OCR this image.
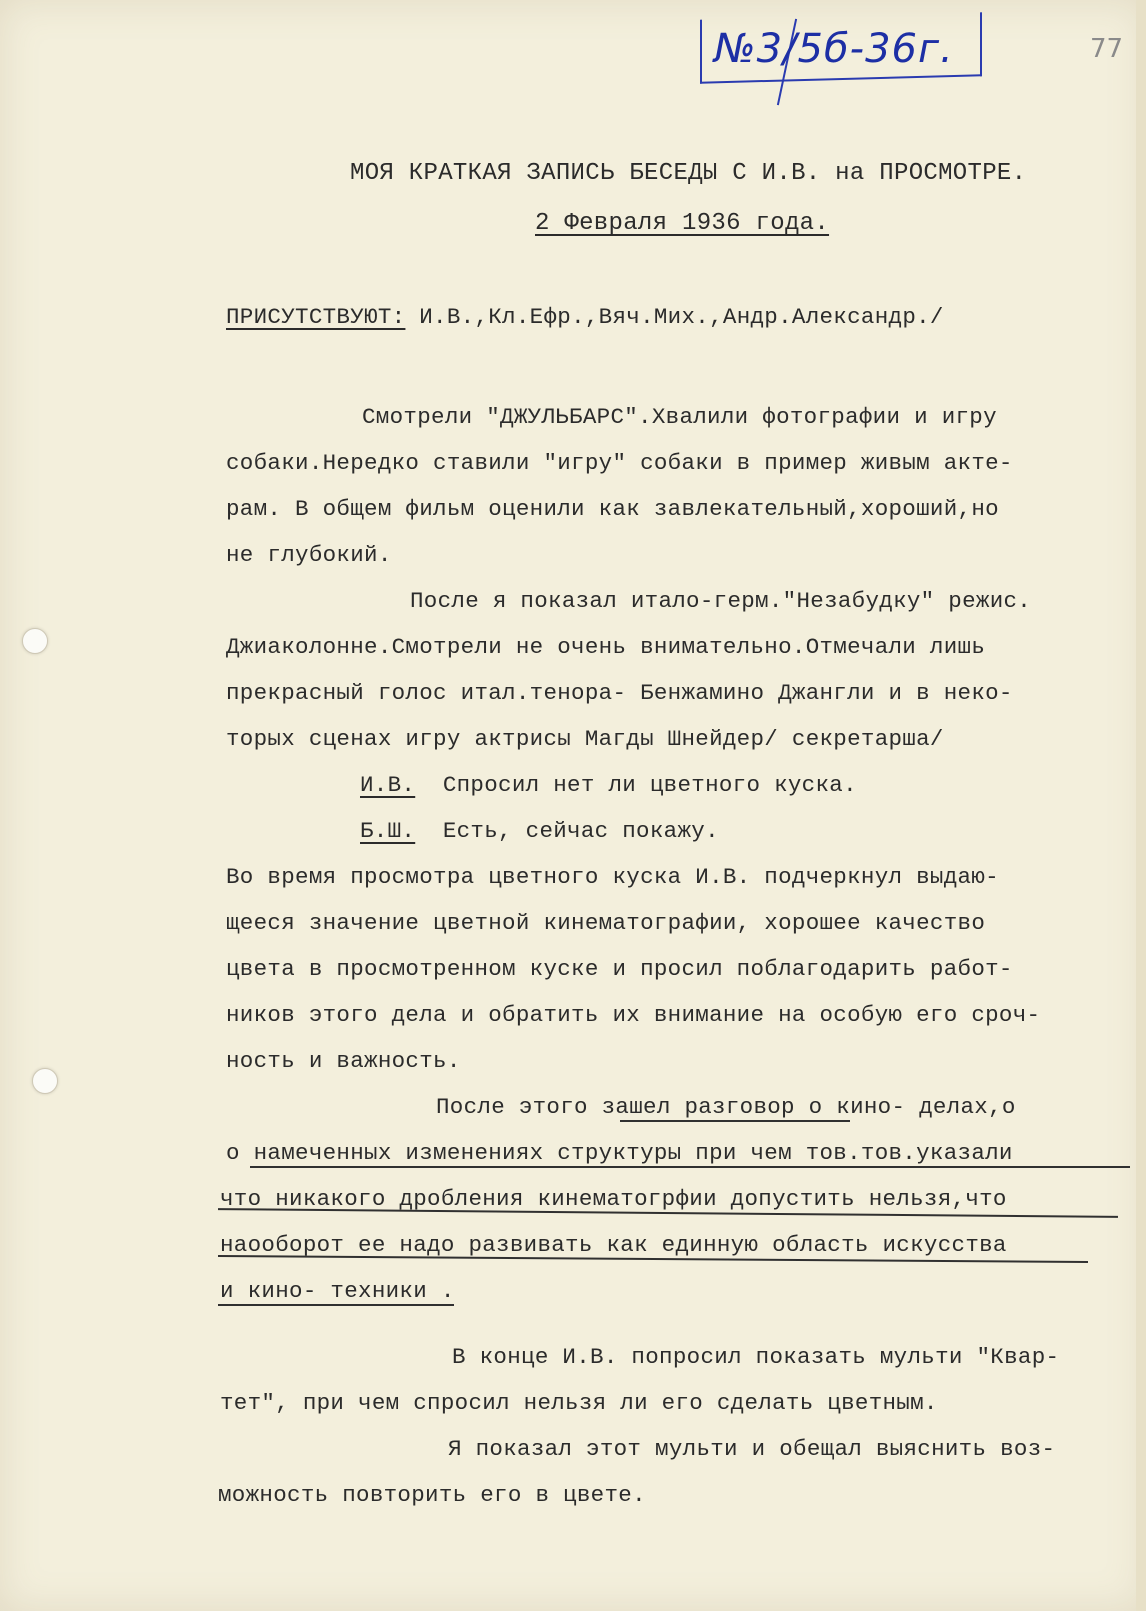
№3/5б-36г.	77
МОЯ КРАТКАЯ ЗАПИСЬ БЕСЕДЫ С И.В. на ПРОСМОТРЕ.
2 Февраля 1936 года.
ПРИСУТСТВУЮТ: И.В.,Кл.Ефр.,Вяч.Мих.,Андр.Александр./
Смотрели "ДЖУЛЬБАРС".Хвалили фотографии и игру
собаки.Нередко ставили "игру" собаки в пример живым акте-
рам. В общем фильм оценили как завлекательный,хороший,но
не глубокий.
После я показал итало-герм."Незабудку" режис.
Джиаколонне.Смотрели не очень внимательно.Отмечали лишь
прекрасный голос итал.тенора- Бенжамино Джангли и в неко-
торых сценах игру актрисы Магды Шнейдер/ секретарша/
И.В. Спросил нет ли цветного куска.
Б.Ш. Есть, сейчас покажу.
Во время просмотра цветного куска И.В. подчеркнул выдаю-
щееся значение цветной кинематографии, хорошее качество
цвета в просмотренном куске и просил поблагодарить работ-
ников этого дела и обратить их внимание на особую его сроч-
ность и важность.
После этого зашел разговор о кино- делах,о
о намеченных изменениях структуры при чем тов.тов.указали
что никакого дробления кинематогрфии допустить нельзя,что
наооборот ее надо развивать как единную область искусства
и кино- техники .
В конце И.В. попросил показать мульти "Квар-
тет", при чем спросил нельзя ли его сделать цветным.
Я показал этот мульти и обещал выяснить воз-
можность повторить его в цвете.
